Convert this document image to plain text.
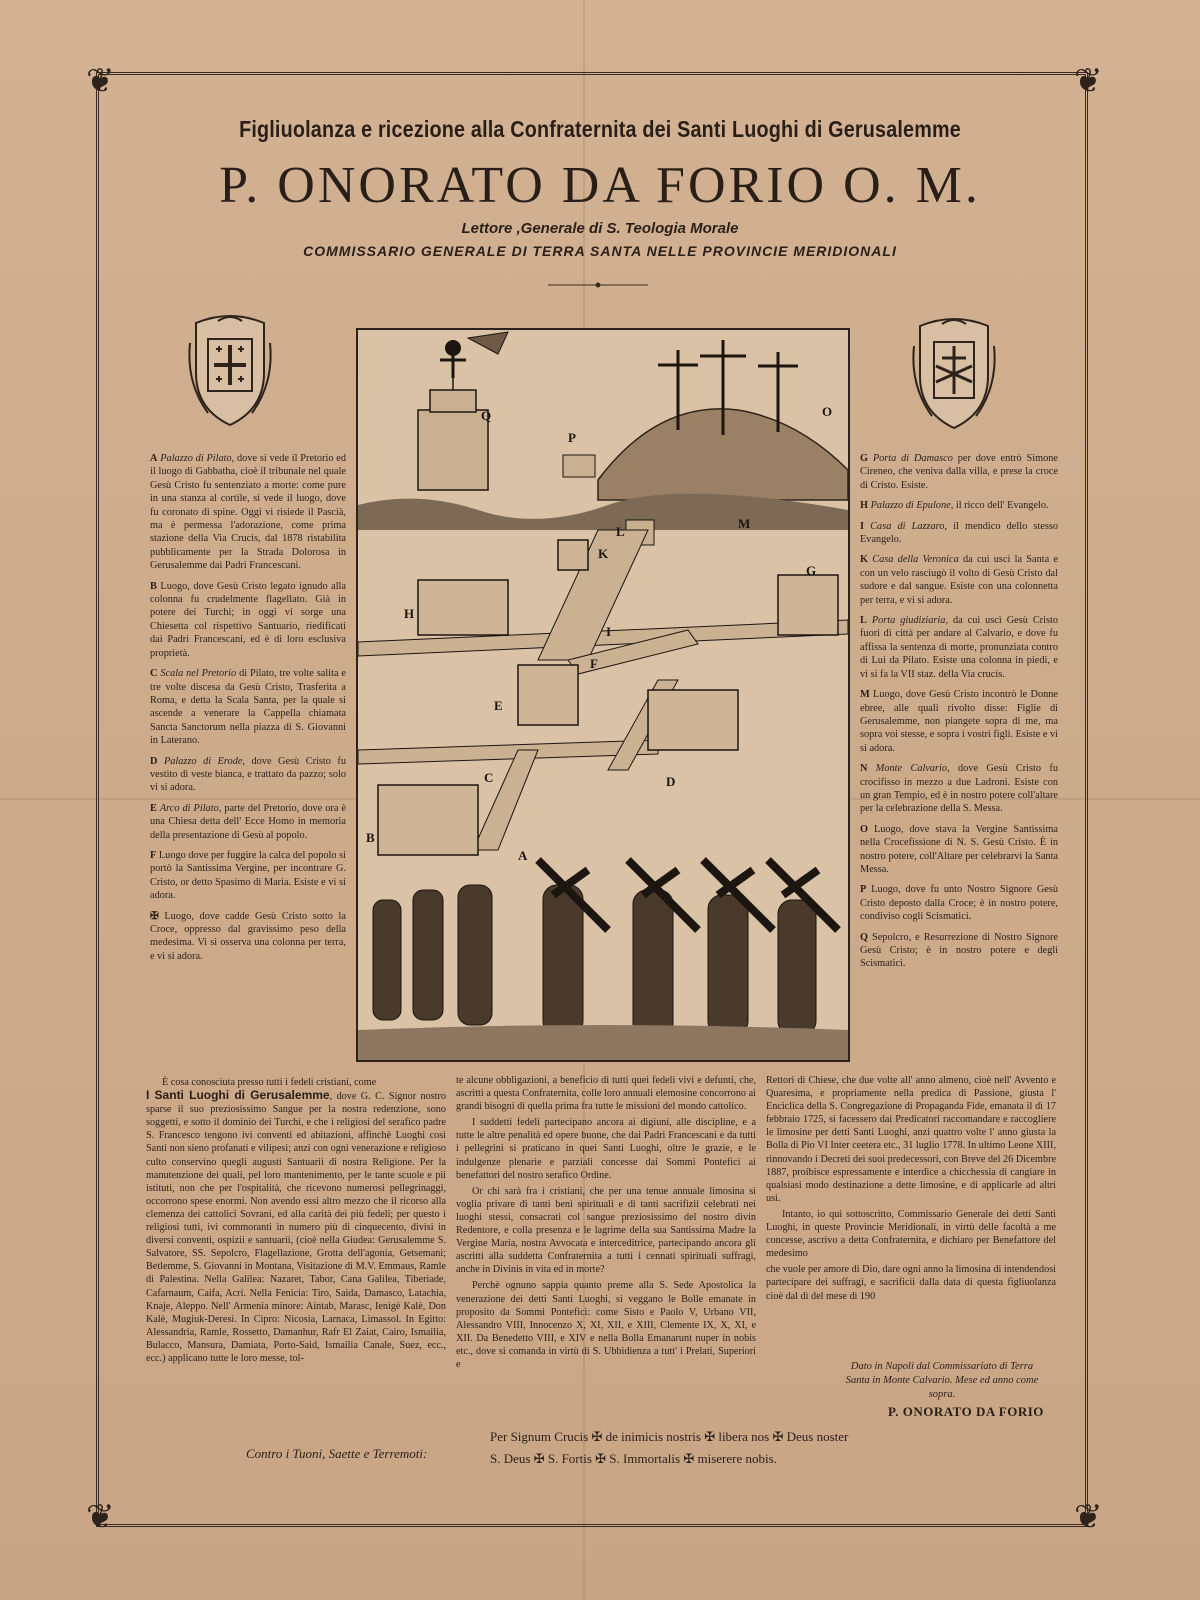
❦	❦
❦	❦
Figliuolanza e ricezione alla Confraternita dei Santi Luoghi di Gerusalemme
P. ONORATO DA FORIO O. M.
Lettore ,Generale di S. Teologia Morale
COMMISSARIO GENERALE DI TERRA SANTA NELLE PROVINCIE MERIDIONALI
Q
P
O
L
M
K
G
H
I
F
E
D
C
B
A

A Palazzo di Pilato, dove si vede il Pretorio ed il luogo di Gabbatha, cioè il tribunale nel quale Gesù Cristo fu sentenziato a morte: come pure in una stanza al cortile, si vede il luogo, dove fu coronato di spine. Oggi vi risiede il Pascià, ma è permessa l'adorazione, come prima stazione della Via Crucis, dal 1878 ristabilita pubblicamente per la Strada Dolorosa in Gerusalemme dai Padri Francescani.

B Luogo, dove Gesù Cristo legato ignudo alla colonna fu crudelmente flagellato. Già in potere dei Turchi; in oggi vi sorge una Chiesetta col rispettivo Santuario, riedificati dai Padri Francescani, ed è di loro esclusiva proprietà.

C Scala nel Pretorio di Pilato, tre volte salita e tre volte discesa da Gesù Cristo, Trasferita a Roma, e detta la Scala Santa, per la quale si ascende a venerare la Cappella chiamata Sancta Sanctorum nella piazza di S. Giovanni in Laterano.

D Palazzo di Erode, dove Gesù Cristo fu vestito di veste bianca, e trattato da pazzo; solo vi si adora.

E Arco di Pilato, parte del Pretorio, dove ora è una Chiesa detta dell' Ecce Homo in memoria della presentazione di Gesù al popolo.

F Luogo dove per fuggire la calca del popolo si portò la Santissima Vergine, per incontrare G. Cristo, or detto Spasimo di Maria. Esiste e vi si adora.

✠ Luogo, dove cadde Gesù Cristo sotto la Croce, oppresso dal gravissimo peso della medesima. Vi si osserva una colonna per terra, e vi si adora.

G Porta di Damasco per dove entrò Simone Cireneo, che veniva dalla villa, e prese la croce di Cristo. Esiste.

H Palazzo di Epulone, il ricco dell' Evangelo.

I Casa di Lazzaro, il mendico dello stesso Evangelo.

K Casa della Veronica da cui uscì la Santa e con un velo rasciugò il volto di Gesù Cristo dal sudore e dal sangue. Esiste con una colonnetta per terra, e vi si adora.

L Porta giudiziaria, da cui uscì Gesù Cristo fuori di città per andare al Calvario, e dove fu affissa la sentenza di morte, pronunziata contro di Lui da Pilato. Esiste una colonna in piedi, e vi si fa la VII staz. della Via crucis.

M Luogo, dove Gesù Cristo incontrò le Donne ebree, alle quali rivolto disse: Figlie di Gerusalemme, non piangete sopra di me, ma sopra voi stesse, e sopra i vostri figli. Esiste e vi si adora.

N Monte Calvario, dove Gesù Cristo fu crocifisso in mezzo a due Ladroni. Esiste con un gran Tempio, ed è in nostro potere coll'altare per la celebrazione della S. Messa.

O Luogo, dove stava la Vergine Santissima nella Crocefissione di N. S. Gesù Cristo. È in nostro potere, coll'Altare per celebrarvi la Santa Messa.

P Luogo, dove fu unto Nostro Signore Gesù Cristo deposto dalla Croce; è in nostro potere, condiviso cogli Scismatici.

Q Sepolcro, e Resurrezione di Nostro Signore Gesù Cristo; è in nostro potere e degli Scismatici.

È cosa conosciuta presso tutti i fedeli cristiani, come
I Santi Luoghi di Gerusalemme, dove G. C. Signor nostro sparse il suo preziosissimo Sangue per la nostra redenzione, sono soggetti, e sotto il dominio dei Turchi, e che i religiosi del serafico padre S. Francesco tengono ivi conventi ed abitazioni, affinchè Luoghi così Santi non sieno profanati e vilipesi; anzi con ogni venerazione e religioso culto conservino quegli augusti Santuarii di nostra Religione. Per la manutenzione dei quali, pel loro mantenimento, per le tante scuole e pii istituti, non che per l'ospitalità, che ricevono numerosi pellegrinaggi, occorrono spese enormi. Non avendo essi altro mezzo che il ricorso alla clemenza dei cattolici Sovrani, ed alla carità dei più fedeli; per questo i religiosi tutti, ivi commoranti in numero più di cinquecento, divisi in diversi conventi, ospizii e santuarii, (cioè nella Giudea: Gerusalemme S. Salvatore, SS. Sepolcro, Flagellazione, Grotta dell'agonia, Getsemani; Betlemme, S. Giovanni in Montana, Visitazione di M.V. Emmaus, Ramle di Palestina. Nella Galilea: Nazaret, Tabor, Cana Galilea, Tiberiade, Cafarnaum, Caifa, Acri. Nella Fenicia: Tiro, Saida, Damasco, Latachia, Knaje, Aleppo. Nell' Armenia minore: Aintab, Marasc, Ienigè Kalè, Don Kalè, Mugiuk-Deresi. In Cipro: Nicosia, Larnaca, Limassol. In Egitto: Alessandria, Ramle, Rossetto, Damanhur, Rafr El Zaiat, Cairo, Ismailia, Bulacco, Mansura, Damiata, Porto-Said, Ismailia Canale, Suez, ecc., ecc.) applicano tutte le loro messe, tol-

te alcune obbligazioni, a beneficio di tutti quei fedeli vivi e defunti, che, ascritti a questa Confraternita, colle loro annuali elemosine concorrono ai grandi bisogni di quella prima fra tutte le missioni del mondo cattolico.

I suddetti fedeli partecipano ancora ai digiuni, alle discipline, e a tutte le altre penalità ed opere buone, che dai Padri Francescani e da tutti i pellegrini si praticano in quei Santi Luoghi, oltre le grazie, e le indulgenze plenarie e parziali concesse dai Sommi Pontefici ai benefattori del nostro serafico Ordine.

Or chi sarà fra i cristiani, che per una tenue annuale limosina si voglia privare di tanti beni spirituali e di tanti sacrifizii celebrati nei luoghi stessi, consacrati col sangue preziosissimo del nostro divin Redentore, e colla presenza e le lagrime della sua Santissima Madre la Vergine Maria, nostra Avvocata e interceditrice, partecipando ancora gli ascritti alla suddetta Confraternita a tutti i cennati spirituali suffragi, anche in Divinis in vita ed in morte?

Perchè ognuno sappia quanto preme alla S. Sede Apostolica la venerazione dei detti Santi Luoghi, si veggano le Bolle emanate in proposito da Sommi Pontefici: come Sisto e Paolo V, Urbano VII, Alessandro VIII, Innocenzo X, XI, XII, e XIII, Clemente IX, X, XI, e XII. Da Benedetto VIII, e XIV e nella Bolla Emanarunt nuper in nobis etc., dove si comanda in virtù di S. Ubbidienza a tutt' i Prelati, Superiori e

Rettori di Chiese, che due volte all' anno almeno, cioè nell' Avvento e Quaresima, e propriamente nella predica di Passione, giusta l' Enciclica della S. Congregazione di Propaganda Fide, emanata il dì 17 febbraio 1725, si facessero dai Predicatori raccomandare e raccogliere le limosine per detti Santi Luoghi, anzi quattro volte l' anno giusta la Bolla di Pio VI Inter ceetera etc., 31 luglio 1778. In ultimo Leone XIII, rinnovando i Decreti dei suoi predecessori, con Breve del 26 Dicembre 1887, proibisce espressamente e interdice a chicchessia di cangiare in qualsiasi modo destinazione a dette limosine, e di applicarle ad altri usi.

Intanto, io qui sottoscritto, Commissario Generale dei detti Santi Luoghi, in queste Provincie Meridionali, in virtù delle facoltà a me concesse, ascrivo a detta Confraternita, e dichiaro per Benefattore del medesimo

che vuole per amore di Dio, dare ogni anno la limosina di intendendosi partecipare dei suffragi, e sacrificii dalla data di questa figliuolanza cioè dal dì del mese di 190

Dato in Napoli dal Commissariato di Terra Santa in Monte Calvario. Mese ed anno come sopra.
P. ONORATO DA FORIO
Contro i Tuoni, Saette e Terremoti:
Per Signum Crucis ✠ de inimicis nostris ✠ libera nos ✠ Deus noster
S. Deus ✠ S. Fortis ✠ S. Immortalis ✠ miserere nobis.
